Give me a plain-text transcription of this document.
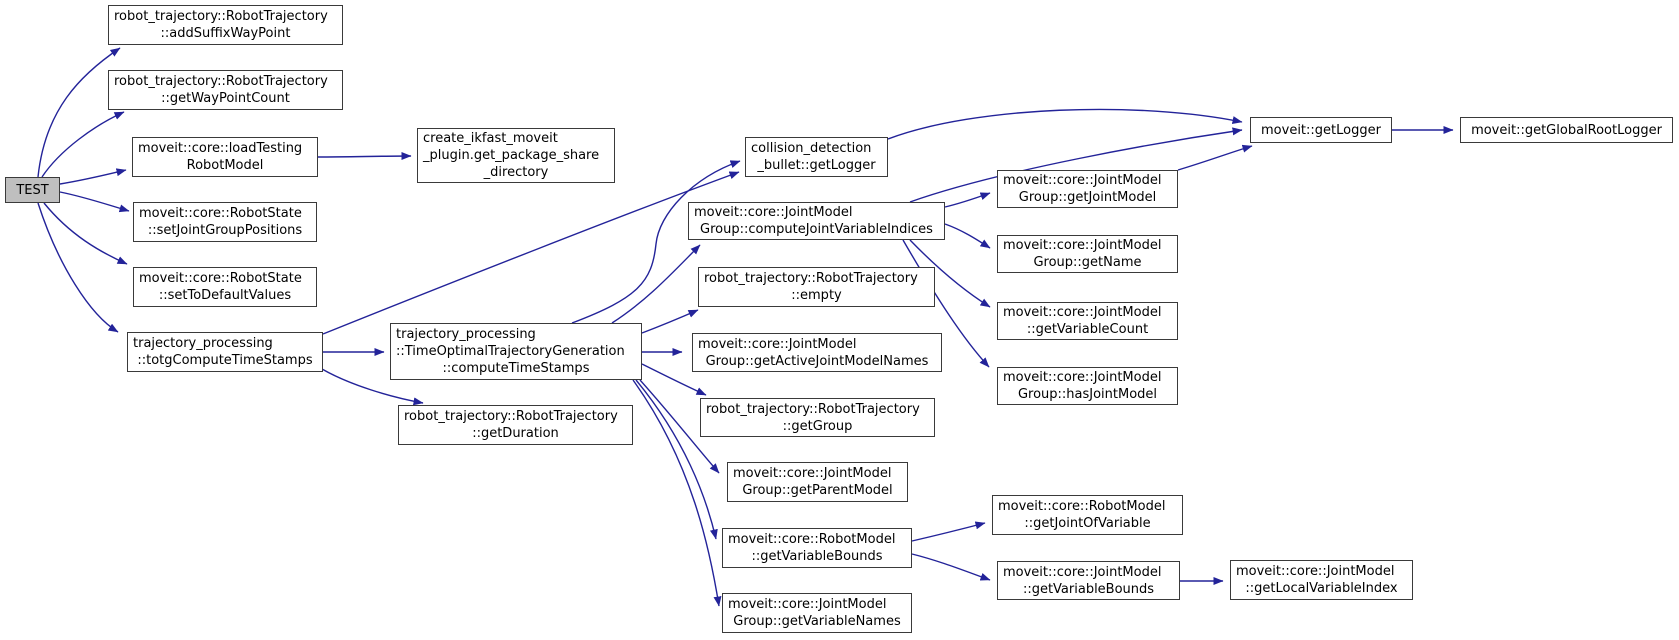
TEST
robot_trajectory::RobotTrajectory
::addSuffixWayPoint
robot_trajectory::RobotTrajectory
::getWayPointCount
moveit::core::loadTesting
RobotModel
moveit::core::RobotState
::setJointGroupPositions
moveit::core::RobotState
::setToDefaultValues
trajectory_processing
::totgComputeTimeStamps
create_ikfast_moveit
_plugin.get_package_share
_directory
trajectory_processing
::TimeOptimalTrajectoryGeneration
::computeTimeStamps
robot_trajectory::RobotTrajectory
::getDuration
collision_detection
_bullet::getLogger
moveit::core::JointModel
Group::computeJointVariableIndices
robot_trajectory::RobotTrajectory
::empty
moveit::core::JointModel
Group::getActiveJointModelNames
robot_trajectory::RobotTrajectory
::getGroup
moveit::core::JointModel
Group::getParentModel
moveit::core::RobotModel
::getVariableBounds
moveit::core::JointModel
Group::getVariableNames
moveit::getLogger
moveit::core::JointModel
Group::getJointModel
moveit::core::JointModel
Group::getName
moveit::core::JointModel
::getVariableCount
moveit::core::JointModel
Group::hasJointModel
moveit::core::RobotModel
::getJointOfVariable
moveit::core::JointModel
::getVariableBounds
moveit::getGlobalRootLogger
moveit::core::JointModel
::getLocalVariableIndex
